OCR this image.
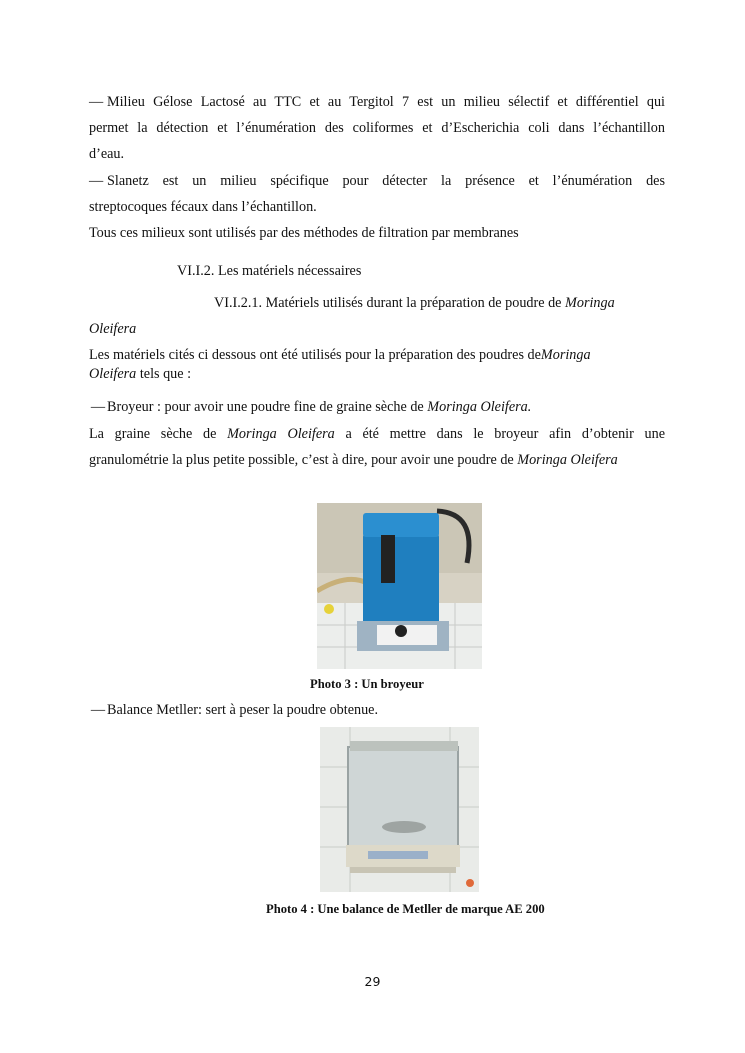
— Milieu Gélose Lactosé au TTC et au Tergitol 7 est un milieu sélectif et différentiel qui
permet la détection et l’énumération des coliformes et d’Escherichia coli dans l’échantillon
d’eau.
— Slanetz est un milieu spécifique pour détecter la présence et l’énumération des
streptocoques fécaux dans l’échantillon.
Tous ces milieux sont utilisés par des méthodes de filtration par membranes
VI.I.2. Les matériels nécessaires
VI.I.2.1. Matériels utilisés durant la préparation de poudre de Moringa
Oleifera
Les matériels cités ci dessous ont été utilisés pour la préparation des poudres deMoringa
Oleifera tels que :
— Broyeur : pour avoir une poudre fine de graine sèche de Moringa Oleifera.
La graine sèche de Moringa Oleifera a été mettre dans le broyeur afin d’obtenir une
granulométrie la plus petite possible, c’est à dire, pour avoir une poudre de Moringa Oleifera
Photo 3 : Un broyeur
— Balance Metller: sert à peser la poudre obtenue.
Photo 4 : Une balance de Metller de marque AE 200
29
